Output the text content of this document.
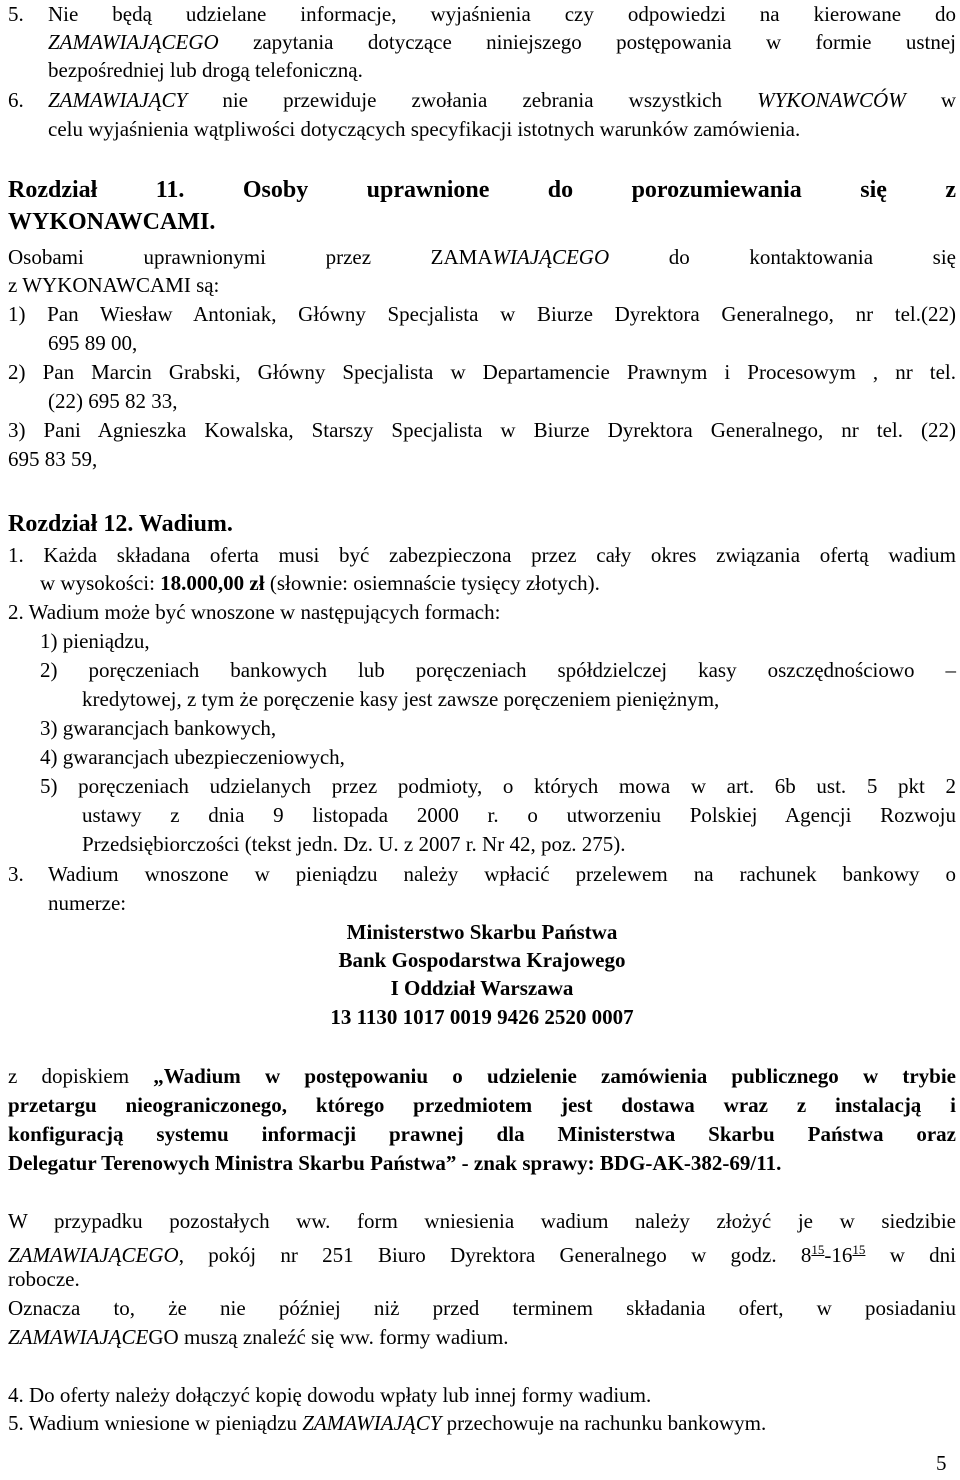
5. Nie będą udzielane informacje, wyjaśnienia czy odpowiedzi na kierowane do
ZAMAWIAJĄCEGO zapytania dotyczące niniejszego postępowania w formie ustnej
bezpośredniej lub drogą telefoniczną.
6. ZAMAWIAJĄCY nie przewiduje zwołania zebrania wszystkich WYKONAWCÓW w
celu wyjaśnienia wątpliwości dotyczących specyfikacji istotnych warunków zamówienia.
Rozdział 11. Osoby uprawnione do porozumiewania się z
WYKONAWCAMI.
Osobami uprawnionymi przez ZAMAWIAJĄCEGO do kontaktowania się
z WYKONAWCAMI są:
1) Pan Wiesław Antoniak, Główny Specjalista w Biurze Dyrektora Generalnego, nr tel.(22)
695 89 00,
2) Pan Marcin Grabski, Główny Specjalista w Departamencie Prawnym i Procesowym , nr tel.
(22) 695 82 33,
3) Pani Agnieszka Kowalska, Starszy Specjalista w Biurze Dyrektora Generalnego, nr tel. (22)
695 83 59,
Rozdział 12. Wadium.
1. Każda składana oferta musi być zabezpieczona przez cały okres związania ofertą wadium
w wysokości: 18.000,00 zł (słownie: osiemnaście tysięcy złotych).
2. Wadium może być wnoszone w następujących formach:
1) pieniądzu,
2) poręczeniach bankowych lub poręczeniach spółdzielczej kasy oszczędnościowo –
kredytowej, z tym że poręczenie kasy jest zawsze poręczeniem pieniężnym,
3) gwarancjach bankowych,
4) gwarancjach ubezpieczeniowych,
5) poręczeniach udzielanych przez podmioty, o których mowa w art. 6b ust. 5 pkt 2
ustawy z dnia 9 listopada 2000 r. o utworzeniu Polskiej Agencji Rozwoju
Przedsiębiorczości (tekst jedn. Dz. U. z 2007 r. Nr 42, poz. 275).
3. Wadium wnoszone w pieniądzu należy wpłacić przelewem na rachunek bankowy o
numerze:
Ministerstwo Skarbu Państwa
Bank Gospodarstwa Krajowego
I Oddział Warszawa
13 1130 1017 0019 9426 2520 0007
z dopiskiem „Wadium w postępowaniu o udzielenie zamówienia publicznego w trybie
przetargu nieograniczonego, którego przedmiotem jest dostawa wraz z instalacją i
konfiguracją systemu informacji prawnej dla Ministerstwa Skarbu Państwa oraz
Delegatur Terenowych Ministra Skarbu Państwa” - znak sprawy: BDG-AK-382-69/11.
W przypadku pozostałych ww. form wniesienia wadium należy złożyć je w siedzibie
ZAMAWIAJĄCEGO, pokój nr 251 Biuro Dyrektora Generalnego w godz. $8^{15}-16^{15}$ w dni
robocze.
Oznacza to, że nie później niż przed terminem składania ofert, w posiadaniu
ZAMAWIAJĄCEGO muszą znaleźć się ww. formy wadium.
4. Do oferty należy dołączyć kopię dowodu wpłaty lub innej formy wadium.
5. Wadium wniesione w pieniądzu ZAMAWIAJĄCY przechowuje na rachunku bankowym.
5
